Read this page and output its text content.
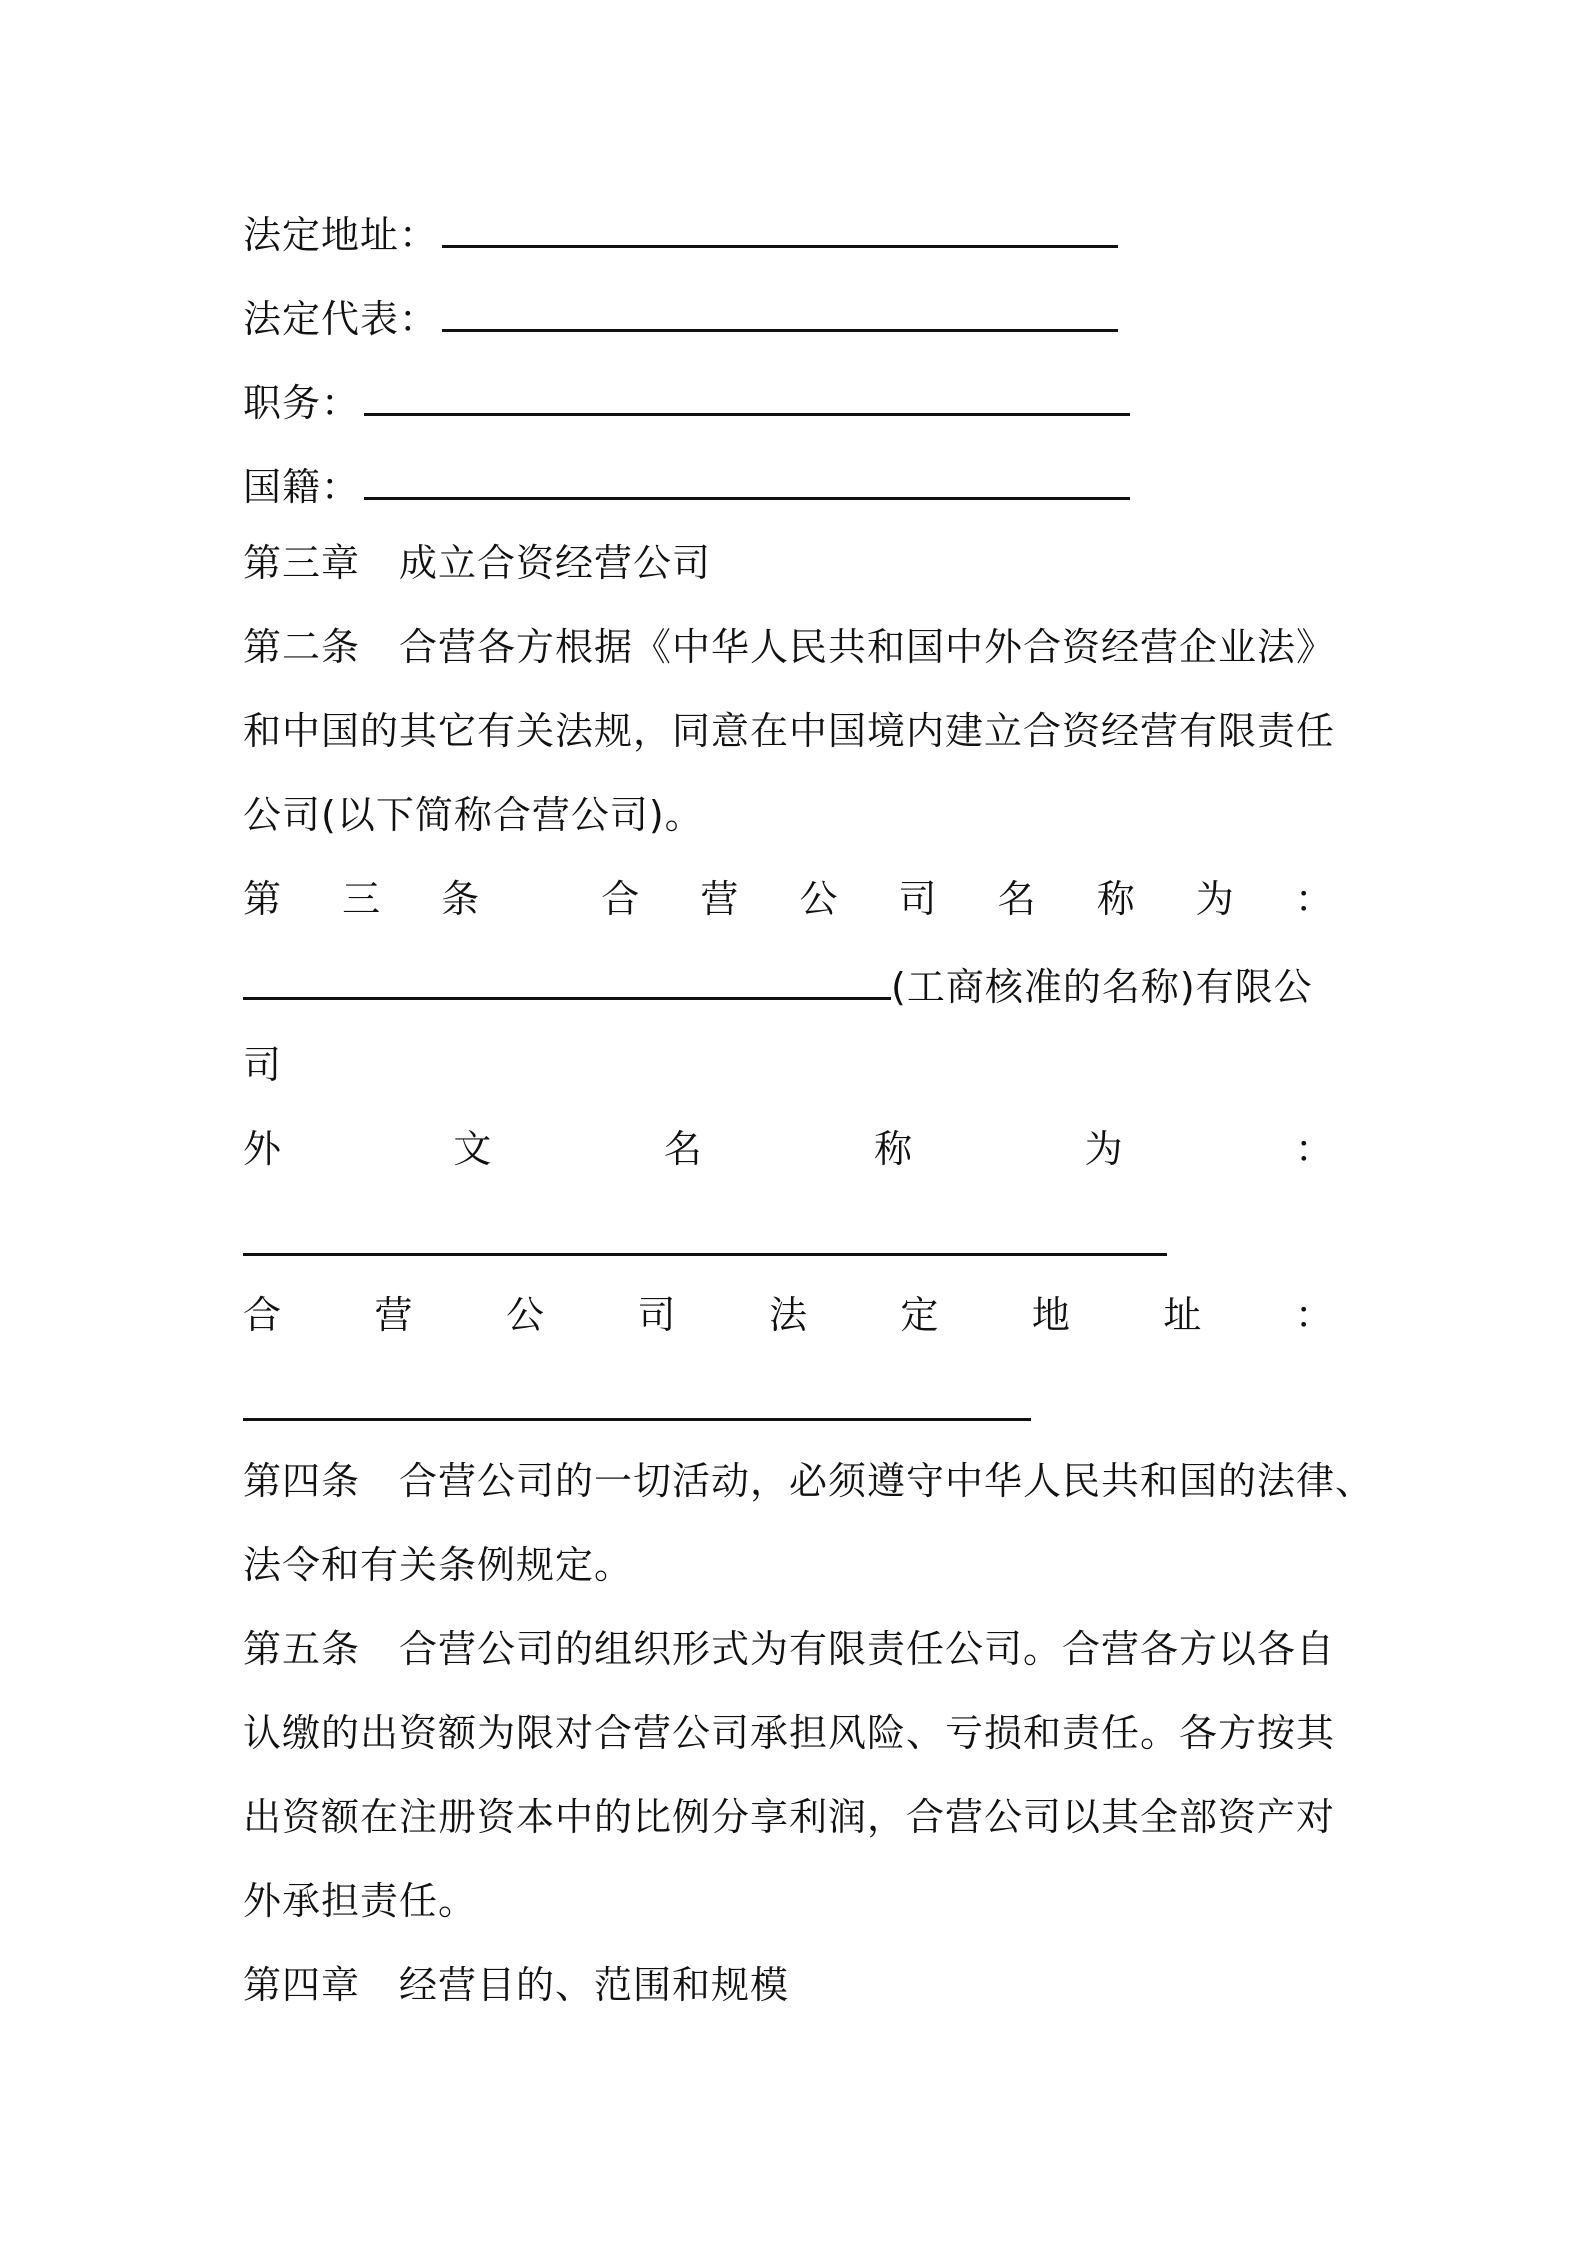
法定地址：
法定代表：
职务：
国籍：
第三章　成立合资经营公司
第二条　合营各方根据《中华人民共和国中外合资经营企业法》
和中国的其它有关法规，同意在中国境内建立合资经营有限责任
公司(以下简称合营公司)。
第 三 条	合 营 公 司 名 称 为 ：
(工商核准的名称)有限公
司
外	文	名	称	为	：
合 营 公 司 法 定 地 址 ：
第四条　合营公司的一切活动，必须遵守中华人民共和国的法律、
法令和有关条例规定。
第五条　合营公司的组织形式为有限责任公司。合营各方以各自
认缴的出资额为限对合营公司承担风险、亏损和责任。各方按其
出资额在注册资本中的比例分享利润，合营公司以其全部资产对
外承担责任。
第四章　经营目的、范围和规模
